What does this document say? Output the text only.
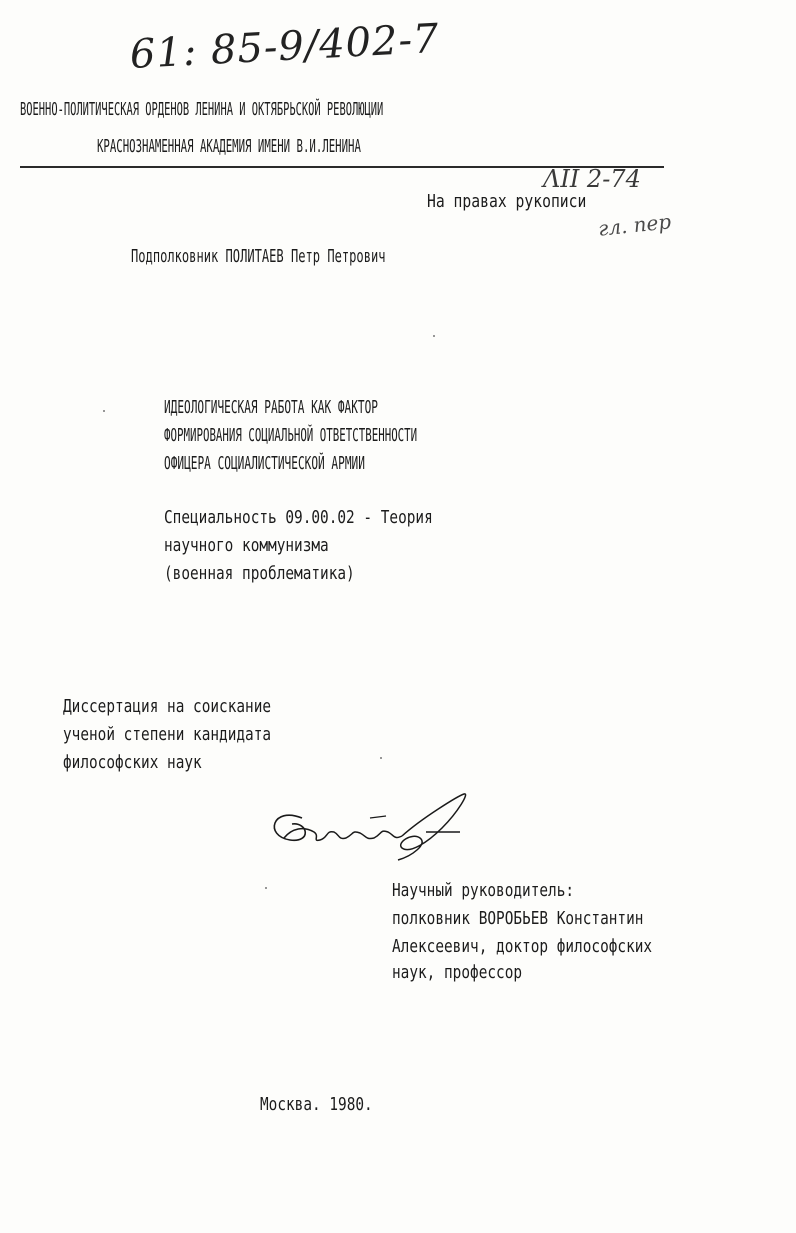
61: 85-9/402-7
ВОЕННО-ПОЛИТИЧЕСКАЯ ОРДЕНОВ ЛЕНИНА И ОКТЯБРЬСКОЙ РЕВОЛЮЦИИ
КРАСНОЗНАМЕННАЯ АКАДЕМИЯ ИМЕНИ В.И.ЛЕНИНА
ΛΙΙ 2-74
гл. пер
На правах рукописи
Подполковник ПОЛИТАЕВ Петр Петрович
ИДЕОЛОГИЧЕСКАЯ РАБОТА КАК ФАКТОР
ФОРМИРОВАНИЯ СОЦИАЛЬНОЙ ОТВЕТСТВЕННОСТИ
ОФИЦЕРА СОЦИАЛИСТИЧЕСКОЙ АРМИИ
Специальность 09.00.02 - Теория
научного коммунизма
(военная проблематика)
Диссертация на соискание
ученой степени кандидата
философских наук
Научный руководитель:
полковник ВОРОБЬЕВ Константин
Алексеевич, доктор философских
наук, профессор
Москва. 1980.
